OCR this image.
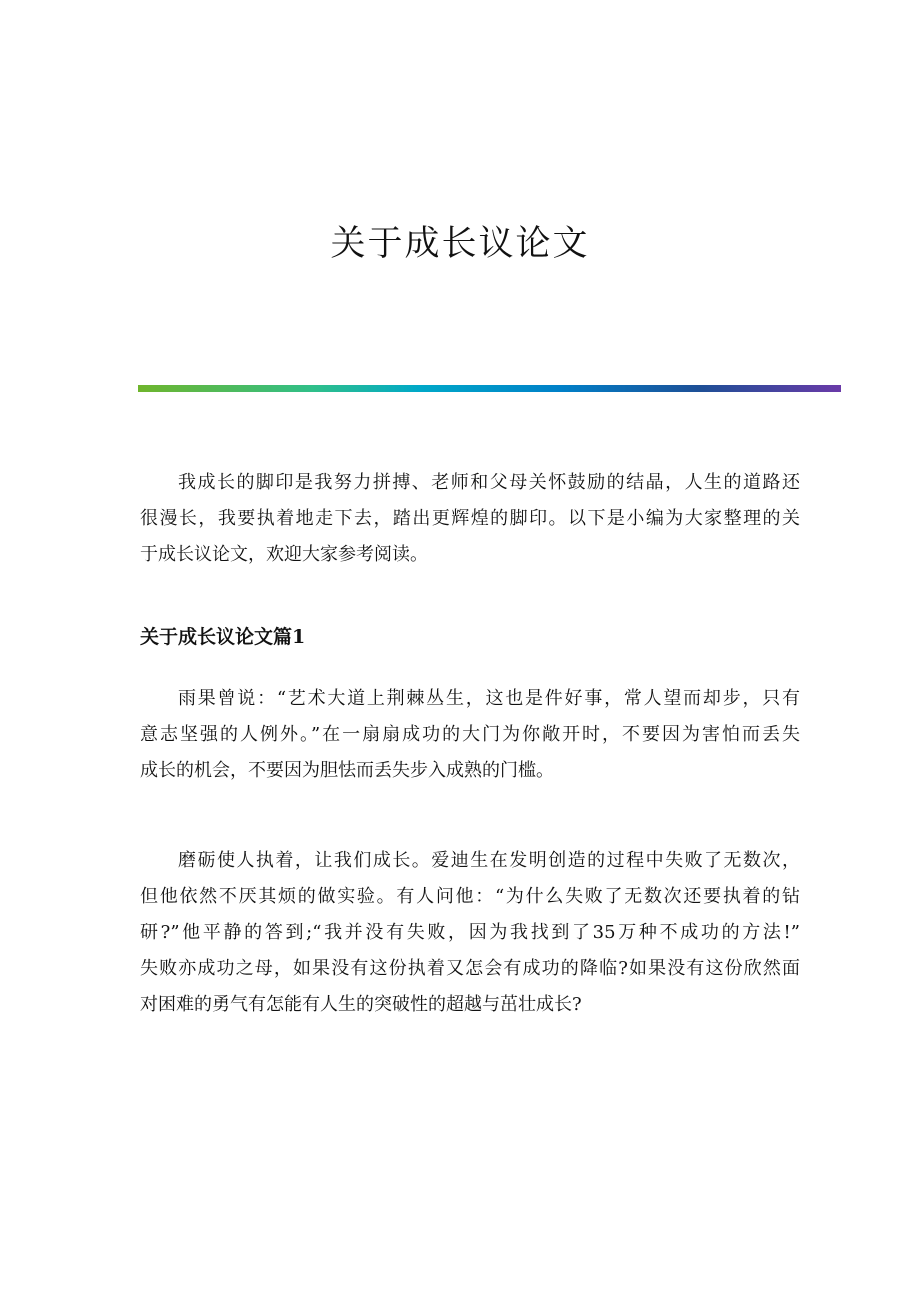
关于成长议论文
我成长的脚印是我努力拼搏、老师和父母关怀鼓励的结晶，人生的道路还
很漫长，我要执着地走下去，踏出更辉煌的脚印。以下是小编为大家整理的关
于成长议论文，欢迎大家参考阅读。
关于成长议论文篇1
雨果曾说：“艺术大道上荆棘丛生，这也是件好事，常人望而却步，只有
意志坚强的人例外。”在一扇扇成功的大门为你敞开时，不要因为害怕而丢失
成长的机会，不要因为胆怯而丢失步入成熟的门槛。
磨砺使人执着，让我们成长。爱迪生在发明创造的过程中失败了无数次，
但他依然不厌其烦的做实验。有人问他：“为什么失败了无数次还要执着的钻
研?”他平静的答到;“我并没有失败，因为我找到了35万种不成功的方法!”
失败亦成功之母，如果没有这份执着又怎会有成功的降临?如果没有这份欣然面
对困难的勇气有怎能有人生的突破性的超越与茁壮成长?
